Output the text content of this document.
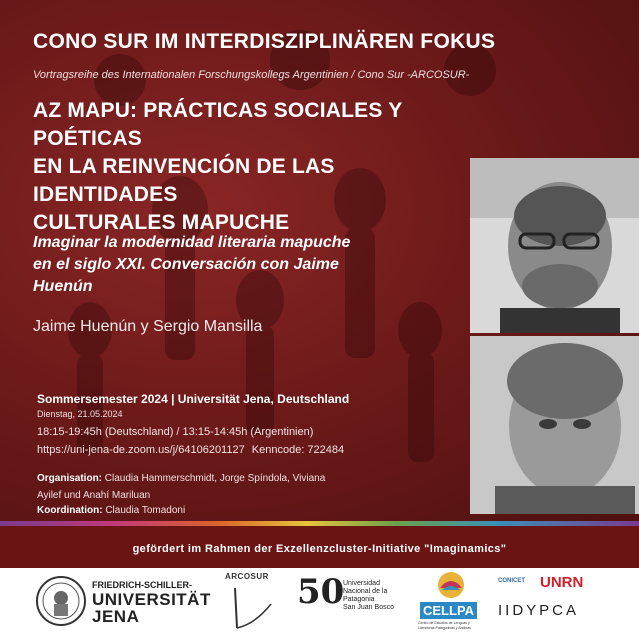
CONO SUR IM INTERDISZIPLINÄREN FOKUS
Vortragsreihe des Internationalen Forschungskollegs Argentinien / Cono Sur -ARCOSUR-
AZ MAPU: PRÁCTICAS SOCIALES Y POÉTICAS
EN LA REINVENCIÓN DE LAS IDENTIDADES
CULTURALES MAPUCHE
Imaginar la modernidad literaria mapuche
en el siglo XXI. Conversación con Jaime
Huenún
Jaime Huenún y Sergio Mansilla
Sommersemester 2024 | Universität Jena, Deutschland
Dienstag, 21.05.2024
18:15-19:45h (Deutschland) / 13:15-14:45h (Argentinien)
https://uni-jena-de.zoom.us/j/64106201127 Kenncode: 722484
Organisation: Claudia Hammerschmidt, Jorge Spíndola, Viviana Ayilef und Anahí Mariluan
Koordination: Claudia Tomadoni
gefördert im Rahmen der Exzellenzcluster-Initiative "Imaginamics"
FRIEDRICH-SCHILLER-
UNIVERSITÄT
JENA
ARCOSUR 50
Universidad
Nacional de la
Patagonia
San Juan Bosco CELLPA
Centro de Estudios de Lenguas y Literaturas Patagónicas y Andinas
CONICET UNRN
IIDYPCA
